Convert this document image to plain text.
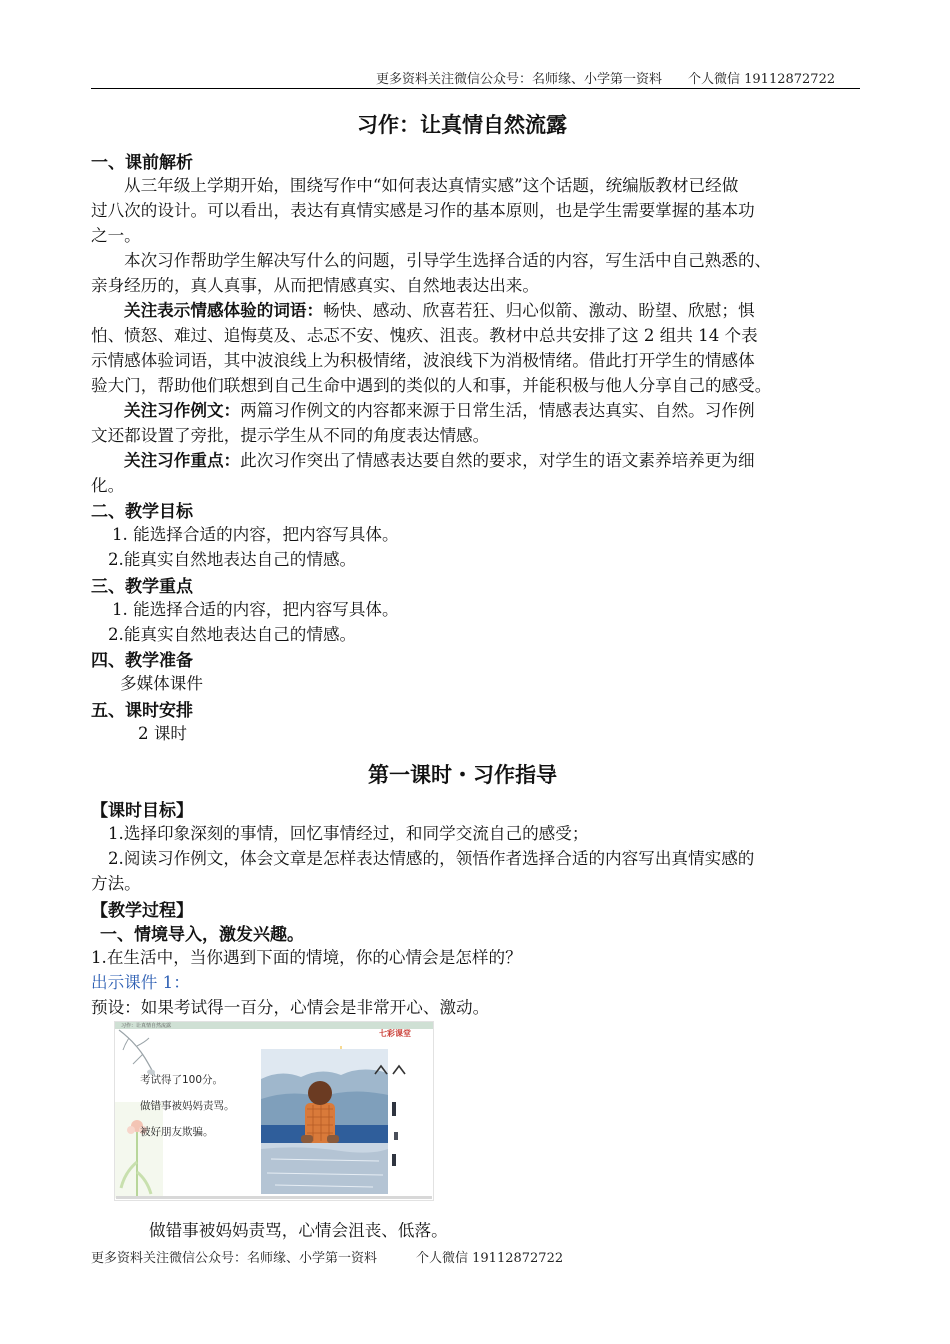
更多资料关注微信公众号：名师缘、小学第一资料　　个人微信 19112872722
习作：让真情自然流露
一、课前解析
从三年级上学期开始，围绕写作中“如何表达真情实感”这个话题，统编版教材已经做
过八次的设计。可以看出，表达有真情实感是习作的基本原则，也是学生需要掌握的基本功
之一。
本次习作帮助学生解决写什么的问题，引导学生选择合适的内容，写生活中自己熟悉的、
亲身经历的，真人真事，从而把情感真实、自然地表达出来。
关注表示情感体验的词语：畅快、感动、欣喜若狂、归心似箭、激动、盼望、欣慰；惧
怕、愤怒、难过、追悔莫及、忐忑不安、愧疚、沮丧。教材中总共安排了这 2 组共 14 个表
示情感体验词语，其中波浪线上为积极情绪，波浪线下为消极情绪。借此打开学生的情感体
验大门，帮助他们联想到自己生命中遇到的类似的人和事，并能积极与他人分享自己的感受。
关注习作例文：两篇习作例文的内容都来源于日常生活，情感表达真实、自然。习作例
文还都设置了旁批，提示学生从不同的角度表达情感。
关注习作重点：此次习作突出了情感表达要自然的要求，对学生的语文素养培养更为细
化。
二、教学目标
1. 能选择合适的内容，把内容写具体。
2.能真实自然地表达自己的情感。
三、教学重点
1. 能选择合适的内容，把内容写具体。
2.能真实自然地表达自己的情感。
四、教学准备
多媒体课件
五、课时安排
2 课时
第一课时・习作指导
【课时目标】
1.选择印象深刻的事情，回忆事情经过，和同学交流自己的感受；
2.阅读习作例文，体会文章是怎样表达情感的，领悟作者选择合适的内容写出真情实感的
方法。
【教学过程】
一、情境导入，激发兴趣。
1.在生活中，当你遇到下面的情境，你的心情会是怎样的？
出示课件 1：
预设：如果考试得一百分，心情会是非常开心、激动。
习作：让真情自然流露
七彩课堂
考试得了100分。
做错事被妈妈责骂。
被好朋友欺骗。
做错事被妈妈责骂，心情会沮丧、低落。
更多资料关注微信公众号：名师缘、小学第一资料　　　个人微信 19112872722
